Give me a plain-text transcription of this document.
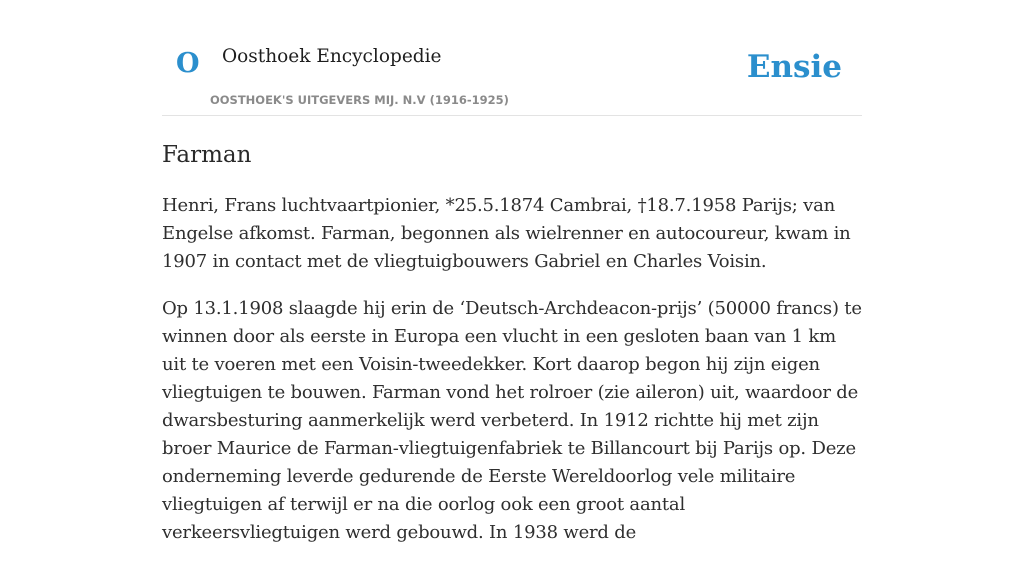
O Oosthoek Encyclopedie
OOSTHOEK'S UITGEVERS MIJ. N.V (1916-1925)
Ensie
Farman

Henri, Frans luchtvaartpionier, *25.5.1874 Cambrai, †18.7.1958 Parijs; van Engelse afkomst. Farman, begonnen als wielrenner en autocoureur, kwam in 1907 in contact met de vliegtuigbouwers Gabriel en Charles Voisin.

Op 13.1.1908 slaagde hij erin de ‘Deutsch-Archdeacon-prijs’ (50000 francs) te winnen door als eerste in Europa een vlucht in een gesloten baan van 1 km uit te voeren met een Voisin-tweedekker. Kort daarop begon hij zijn eigen vliegtuigen te bouwen. Farman vond het rolroer (zie aileron) uit, waardoor de dwarsbesturing aanmerkelijk werd verbeterd. In 1912 richtte hij met zijn broer Maurice de Farman-vliegtuigenfabriek te Billancourt bij Parijs op. Deze onderneming leverde gedurende de Eerste Wereldoorlog vele militaire vliegtuigen af terwijl er na die oorlog ook een groot aantal verkeersvliegtuigen werd gebouwd. In 1938 werd de
